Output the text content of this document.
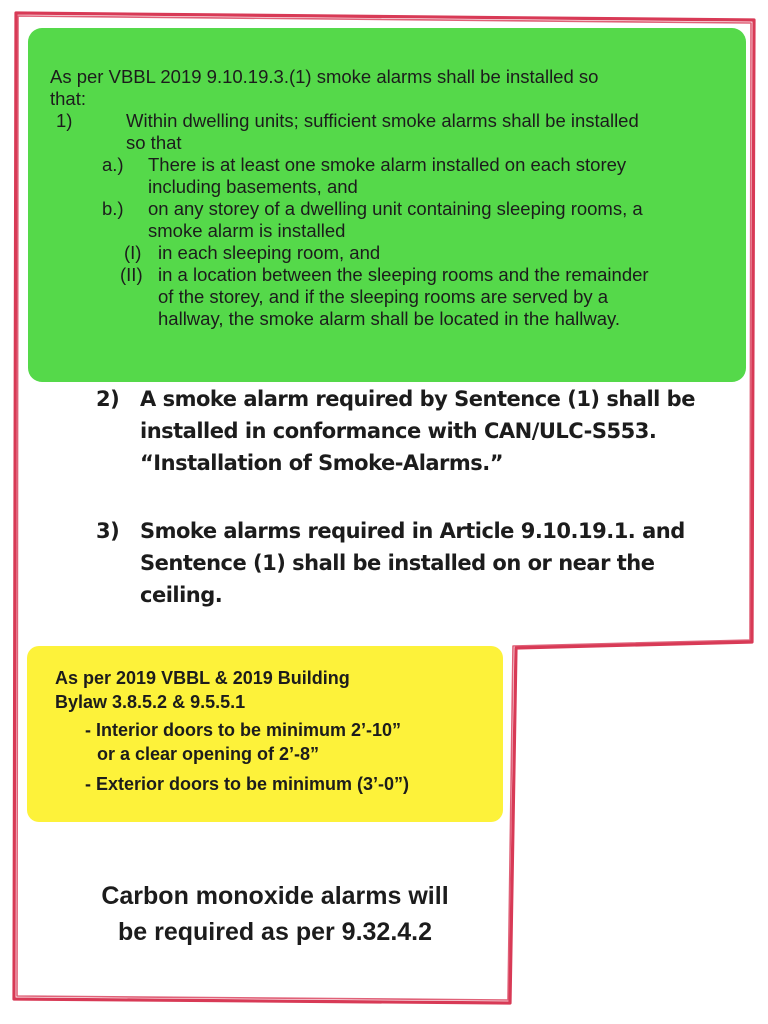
As per VBBL 2019 9.10.19.3.(1) smoke alarms shall be installed so
that:
1)	Within dwelling units; sufficient smoke alarms shall be installed
so that
a.) There is at least one smoke alarm installed on each storey
including basements, and
b.) on any storey of a dwelling unit containing sleeping rooms, a
smoke alarm is installed
(I) in each sleeping room, and
(II) in a location between the sleeping rooms and the remainder
of the storey, and if the sleeping rooms are served by a
hallway, the smoke alarm shall be located in the hallway.
2) A smoke alarm required by Sentence (1) shall be
installed in conformance with CAN/ULC-S553.
“Installation of Smoke-Alarms.”
3) Smoke alarms required in Article 9.10.19.1. and
Sentence (1) shall be installed on or near the
ceiling.
As per 2019 VBBL & 2019 Building
Bylaw 3.8.5.2 & 9.5.5.1
- Interior doors to be minimum 2’-10”
or a clear opening of 2’-8”
- Exterior doors to be minimum (3’-0”)
Carbon monoxide alarms will
be required as per 9.32.4.2
